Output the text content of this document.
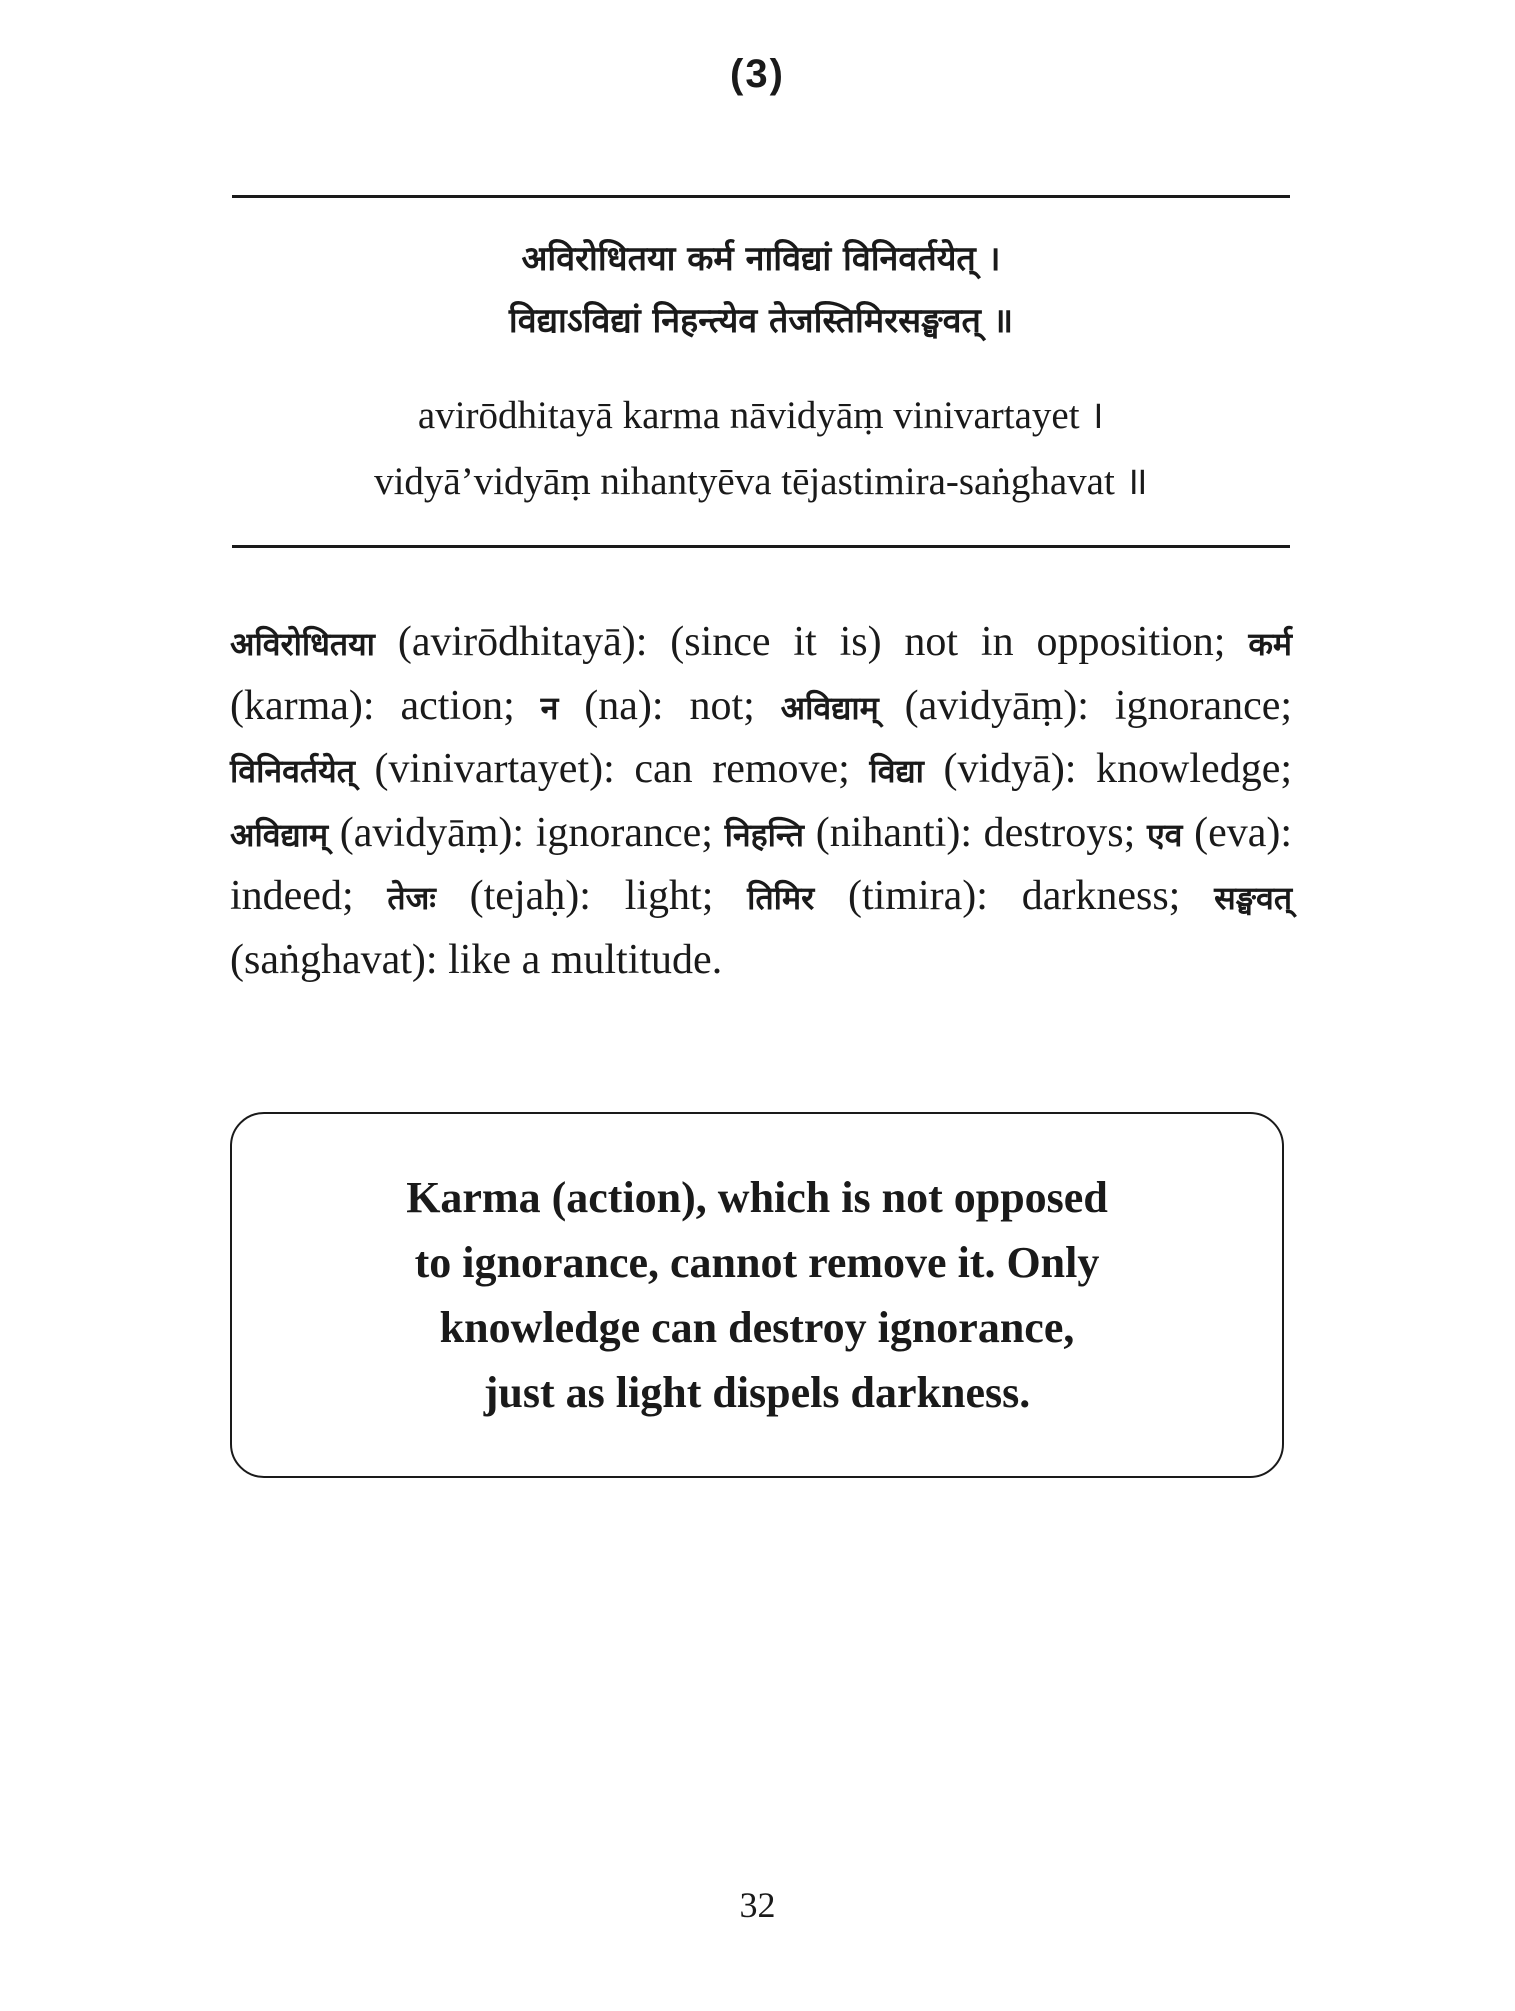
(3)
अविरोधितया कर्म नाविद्यां विनिवर्तयेत् ।
विद्याऽविद्यां निहन्त्येव तेजस्तिमिरसङ्घवत् ॥
avirōdhitayā karma nāvidyāṃ vinivartayet ।
vidyā’vidyāṃ nihantyēva tējastimira-saṅghavat ॥
अविरोधितया (avirōdhitayā): (since it is) not in opposition; कर्म (karma): action; न (na): not; अविद्याम् (avidyāṃ): ignorance; विनिवर्तयेत् (vinivartayet): can remove; विद्या (vidyā): knowledge; अविद्याम् (avidyāṃ): ignorance; निहन्ति (nihanti): destroys; एव (eva): indeed; तेजः (tejaḥ): light; तिमिर (timira): darkness; सङ्घवत् (saṅghavat): like a multitude.
Karma (action), which is not opposed
to ignorance, cannot remove it. Only
knowledge can destroy ignorance,
just as light dispels darkness.
32
